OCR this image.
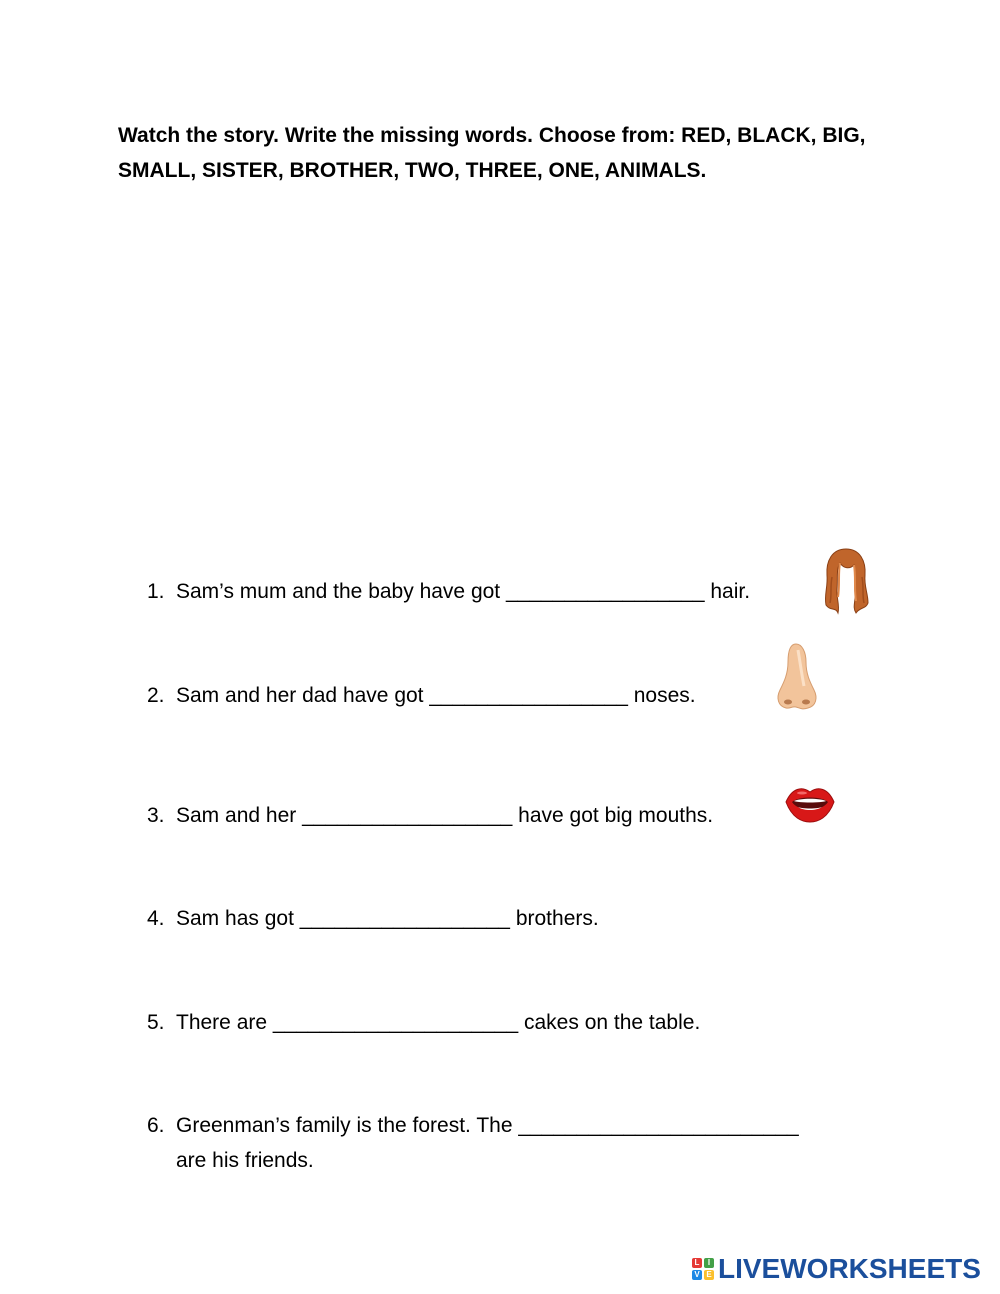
Watch the story. Write the missing words. Choose from: RED, BLACK, BIG, SMALL, SISTER, BROTHER, TWO, THREE, ONE, ANIMALS.
1. Sam’s mum and the baby have got _________________ hair.
2. Sam and her dad have got _________________ noses.
3. Sam and her __________________ have got big mouths.
4. Sam has got __________________ brothers.
5. There are _____________________ cakes on the table.
6. Greenman’s family is the forest. The ________________________
are his friends.
L	I
V E LIVEWORKSHEETS
